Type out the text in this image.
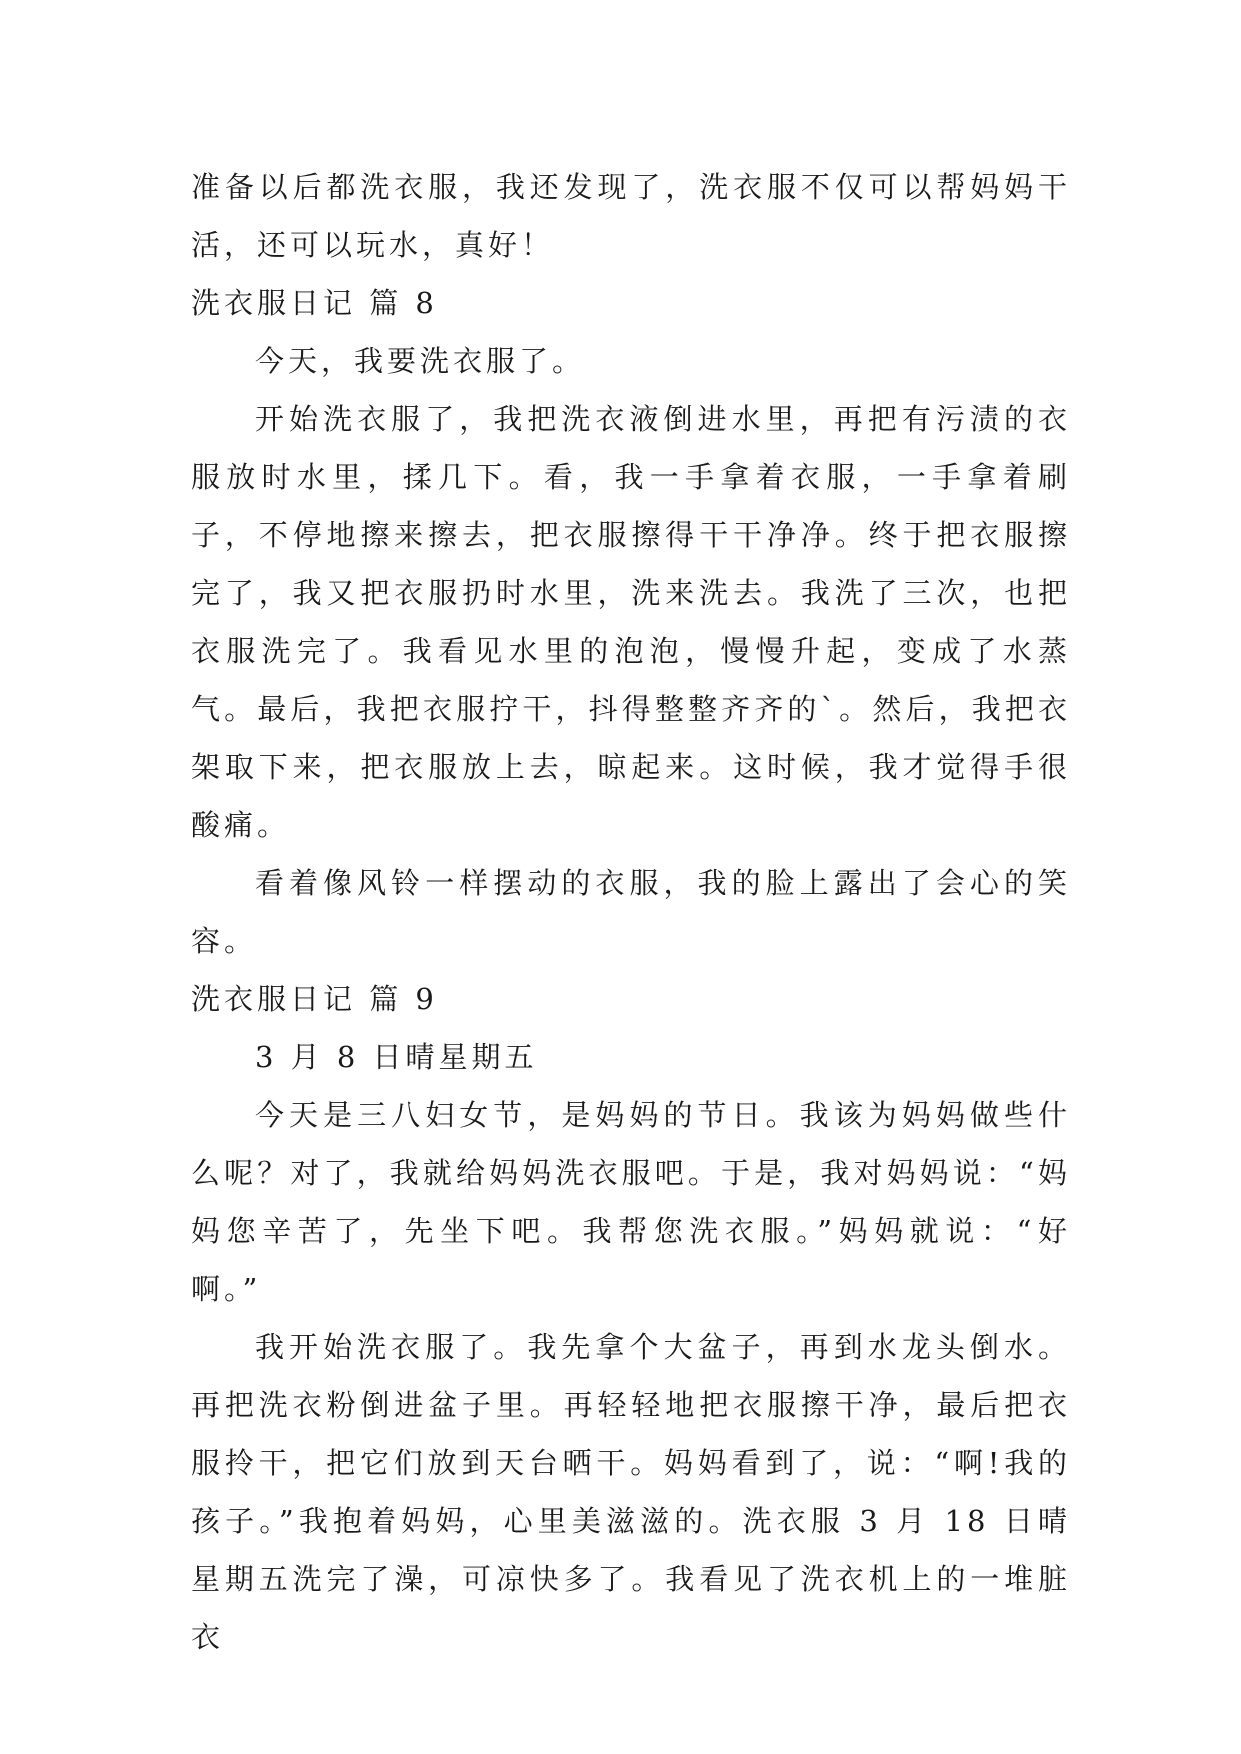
准备以后都洗衣服，我还发现了，洗衣服不仅可以帮妈妈干活，还可以玩水，真好！

洗衣服日记 篇 8

今天，我要洗衣服了。

开始洗衣服了，我把洗衣液倒进水里，再把有污渍的衣服放时水里，揉几下。看，我一手拿着衣服，一手拿着刷子，不停地擦来擦去，把衣服擦得干干净净。终于把衣服擦完了，我又把衣服扔时水里，洗来洗去。我洗了三次，也把衣服洗完了。我看见水里的泡泡，慢慢升起，变成了水蒸气。最后，我把衣服拧干，抖得整整齐齐的`。然后，我把衣架取下来，把衣服放上去，晾起来。这时候，我才觉得手很酸痛。

看着像风铃一样摆动的衣服，我的脸上露出了会心的笑容。

洗衣服日记 篇 9

3 月 8 日晴星期五

今天是三八妇女节，是妈妈的节日。我该为妈妈做些什么呢？对了，我就给妈妈洗衣服吧。于是，我对妈妈说：“妈妈您辛苦了，先坐下吧。我帮您洗衣服。”妈妈就说：“好啊。”

我开始洗衣服了。我先拿个大盆子，再到水龙头倒水。再把洗衣粉倒进盆子里。再轻轻地把衣服擦干净，最后把衣服拎干，把它们放到天台晒干。妈妈看到了，说：“啊!我的孩子。”我抱着妈妈，心里美滋滋的。洗衣服 3 月 18 日晴星期五洗完了澡，可凉快多了。我看见了洗衣机上的一堆脏衣
